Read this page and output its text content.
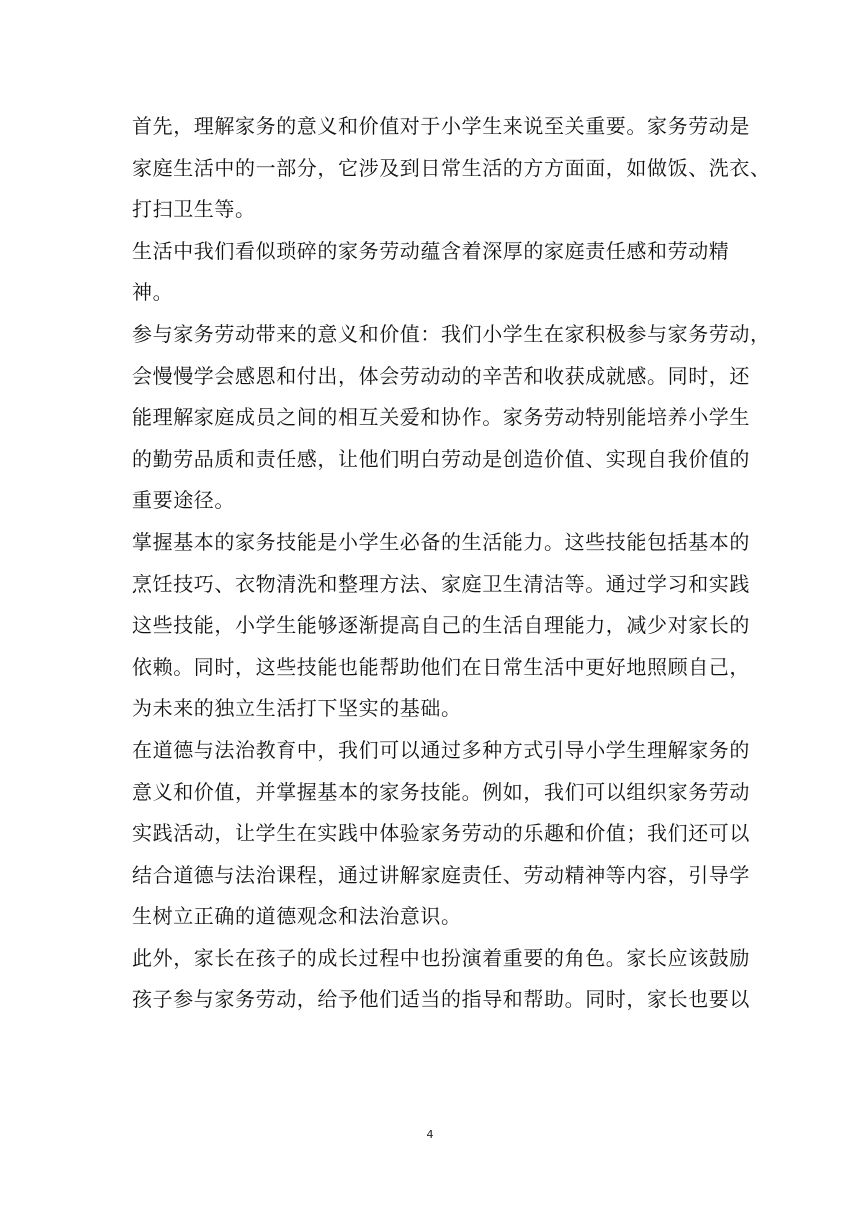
首先，理解家务的意义和价值对于小学生来说至关重要。家务劳动是
家庭生活中的一部分，它涉及到日常生活的方方面面，如做饭、洗衣、
打扫卫生等。
生活中我们看似琐碎的家务劳动蕴含着深厚的家庭责任感和劳动精
神。
参与家务劳动带来的意义和价值：我们小学生在家积极参与家务劳动，
会慢慢学会感恩和付出，体会劳动动的辛苦和收获成就感。同时，还
能理解家庭成员之间的相互关爱和协作。家务劳动特别能培养小学生
的勤劳品质和责任感，让他们明白劳动是创造价值、实现自我价值的
重要途径。
掌握基本的家务技能是小学生必备的生活能力。这些技能包括基本的
烹饪技巧、衣物清洗和整理方法、家庭卫生清洁等。通过学习和实践
这些技能，小学生能够逐渐提高自己的生活自理能力，减少对家长的
依赖。同时，这些技能也能帮助他们在日常生活中更好地照顾自己，
为未来的独立生活打下坚实的基础。
在道德与法治教育中，我们可以通过多种方式引导小学生理解家务的
意义和价值，并掌握基本的家务技能。例如，我们可以组织家务劳动
实践活动，让学生在实践中体验家务劳动的乐趣和价值；我们还可以
结合道德与法治课程，通过讲解家庭责任、劳动精神等内容，引导学
生树立正确的道德观念和法治意识。
此外，家长在孩子的成长过程中也扮演着重要的角色。家长应该鼓励
孩子参与家务劳动，给予他们适当的指导和帮助。同时，家长也要以
4
